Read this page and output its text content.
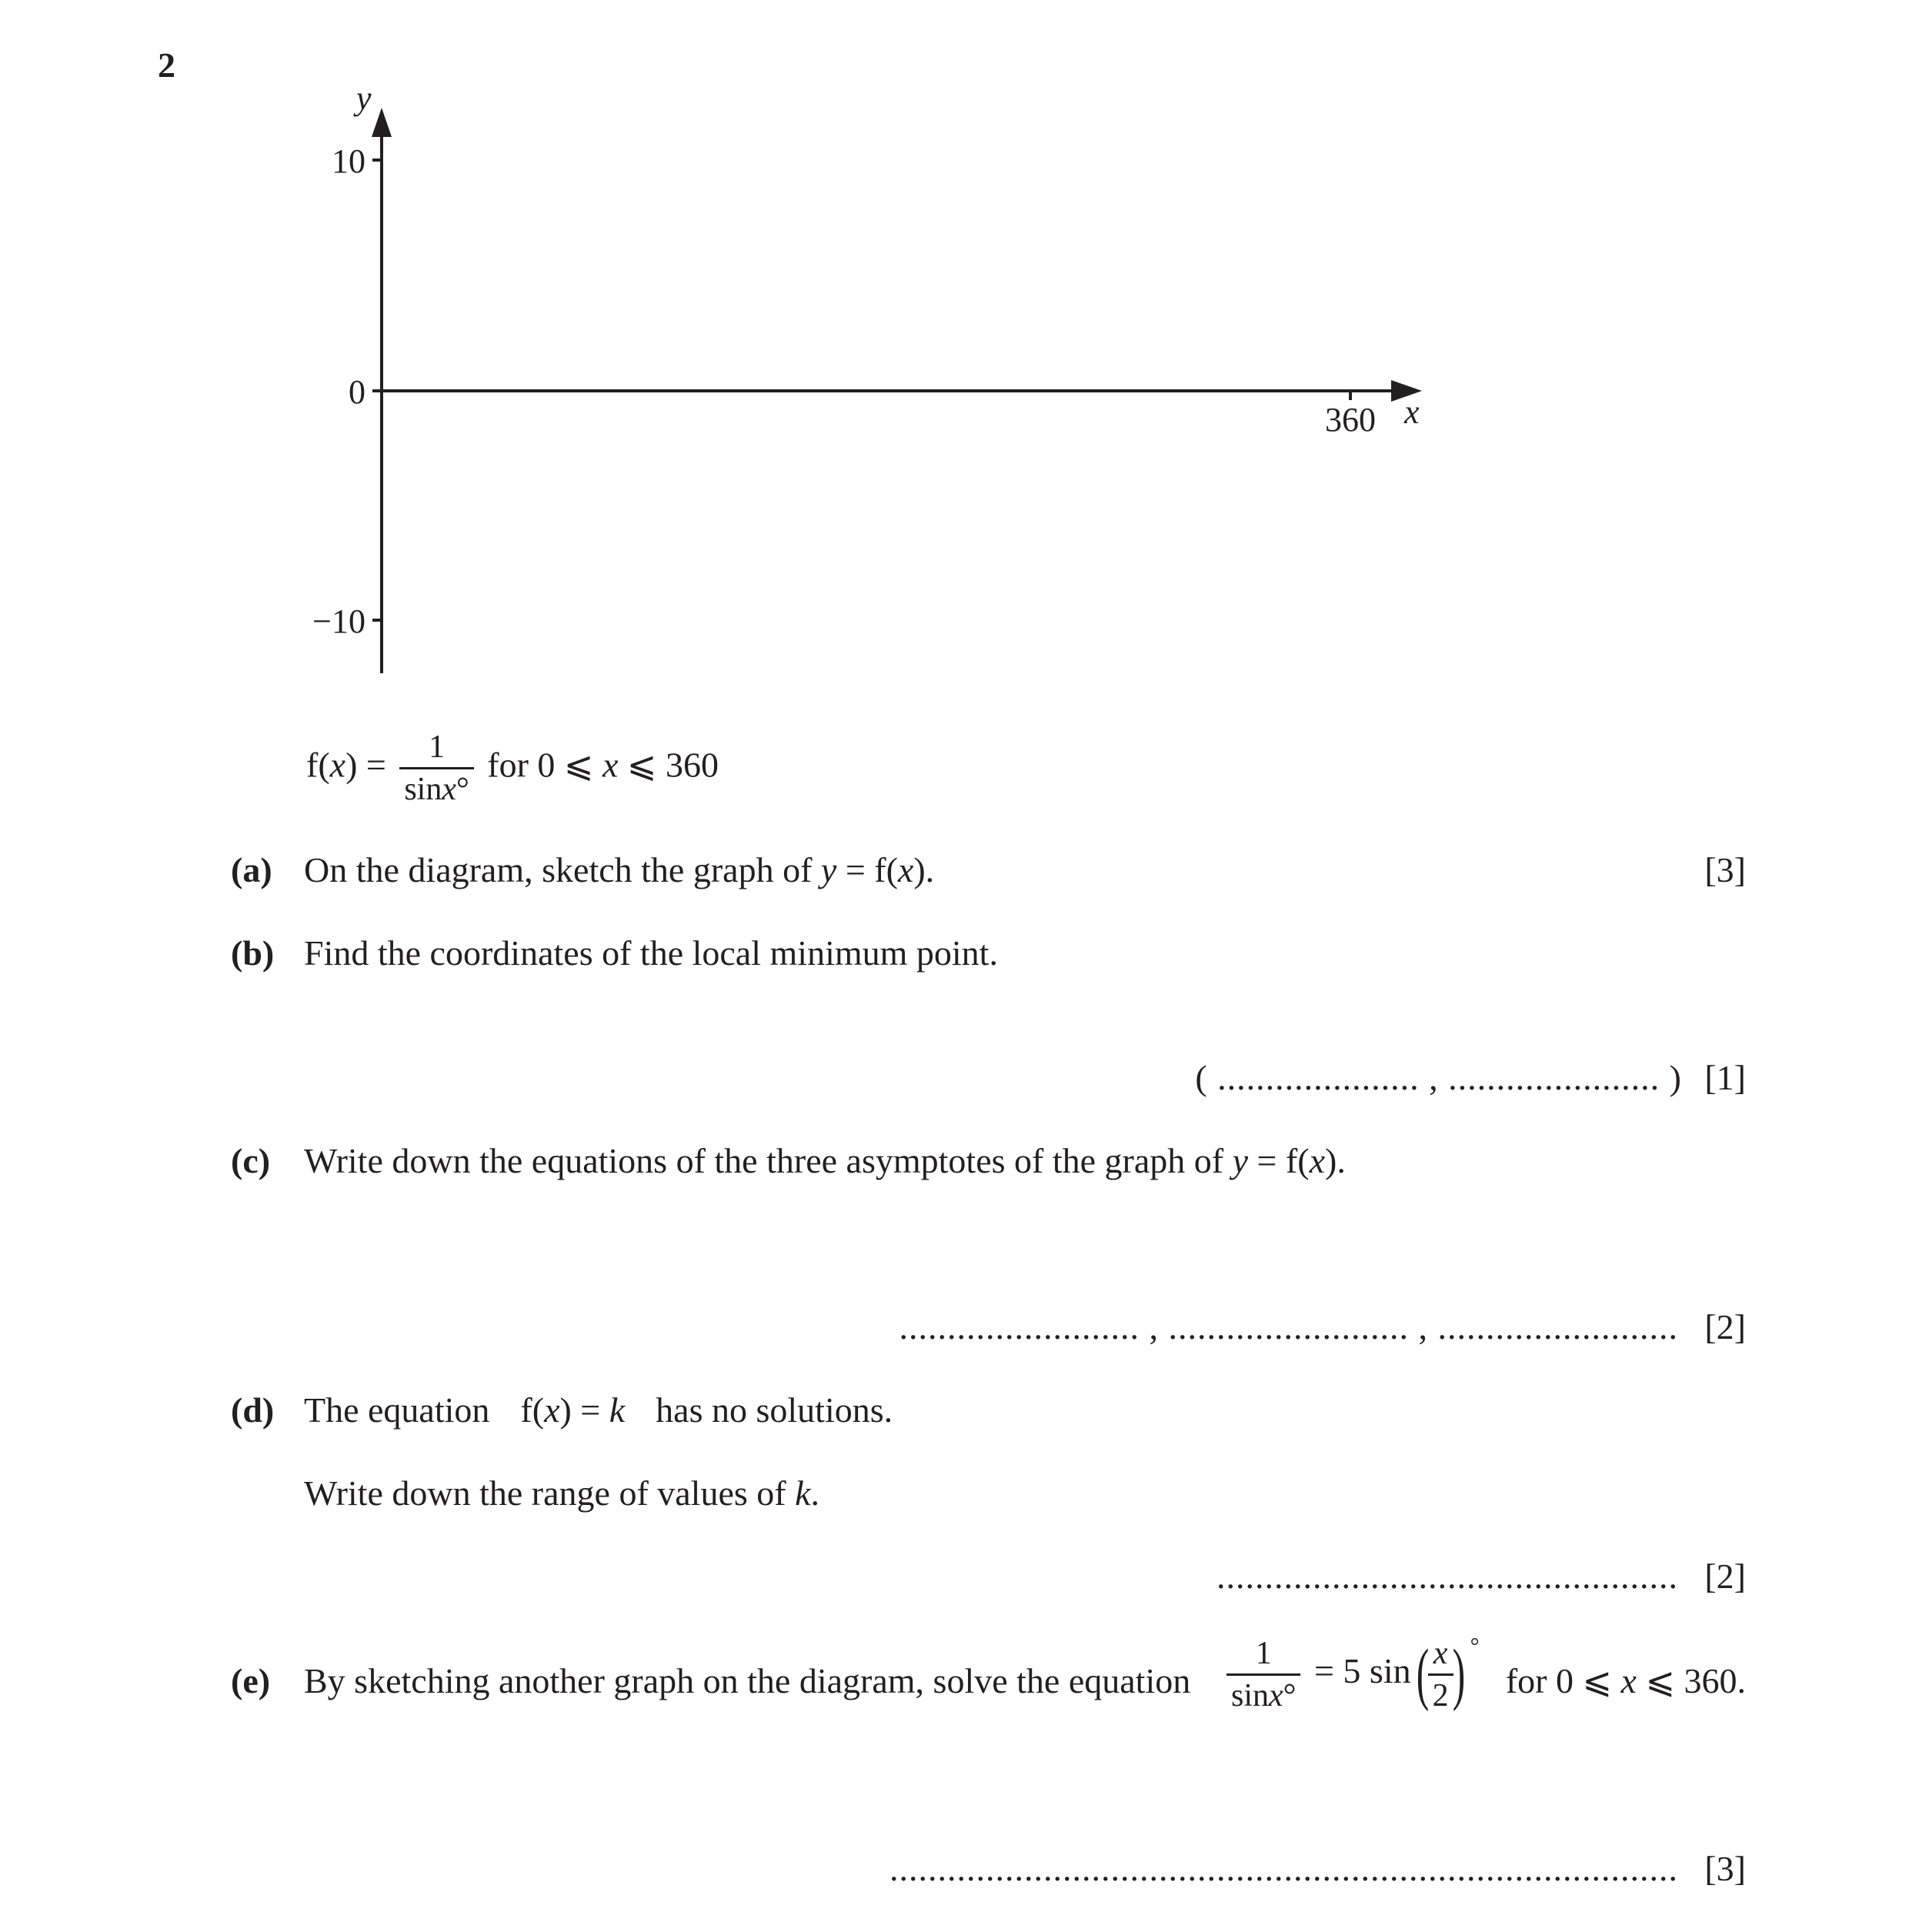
2
y
x
10
0
−10
360
$f(x) = \frac{1}{\sin x^\circ}$ for 0 ⩽ x ⩽ 360
(a) On the diagram, sketch the graph of y = f(x).	[3]
(b) Find the coordinates of the local minimum point.
( ..................... , ...................... ) [1]
(c) Write down the equations of the three asymptotes of the graph of y = f(x).
......................... , ......................... , ......................... [2]
(d) The equation f(x) = k has no solutions.
Write down the range of values of k.
................................................ [2]
(e) By sketching another graph on the diagram, solve the equation $\frac{1}{\sin x^\circ} = 5$ sin(
$\frac{x}{2}$
) °
for 0 ⩽ x ⩽ 360.
.................................................................................. [3]
